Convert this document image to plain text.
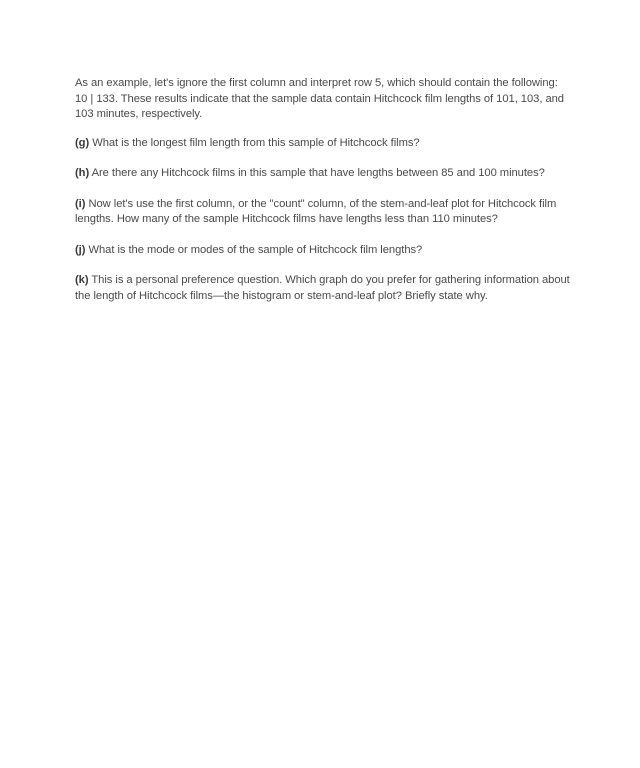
As an example, let's ignore the first column and interpret row 5, which should contain the following: 10 | 133. These results indicate that the sample data contain Hitchcock film lengths of 101, 103, and 103 minutes, respectively.

(g) What is the longest film length from this sample of Hitchcock films?

(h) Are there any Hitchcock films in this sample that have lengths between 85 and 100 minutes?

(i) Now let's use the first column, or the "count" column, of the stem-and-leaf plot for Hitchcock film lengths. How many of the sample Hitchcock films have lengths less than 110 minutes?

(j) What is the mode or modes of the sample of Hitchcock film lengths?

(k) This is a personal preference question. Which graph do you prefer for gathering information about the length of Hitchcock films—the histogram or stem-and-leaf plot? Briefly state why.
